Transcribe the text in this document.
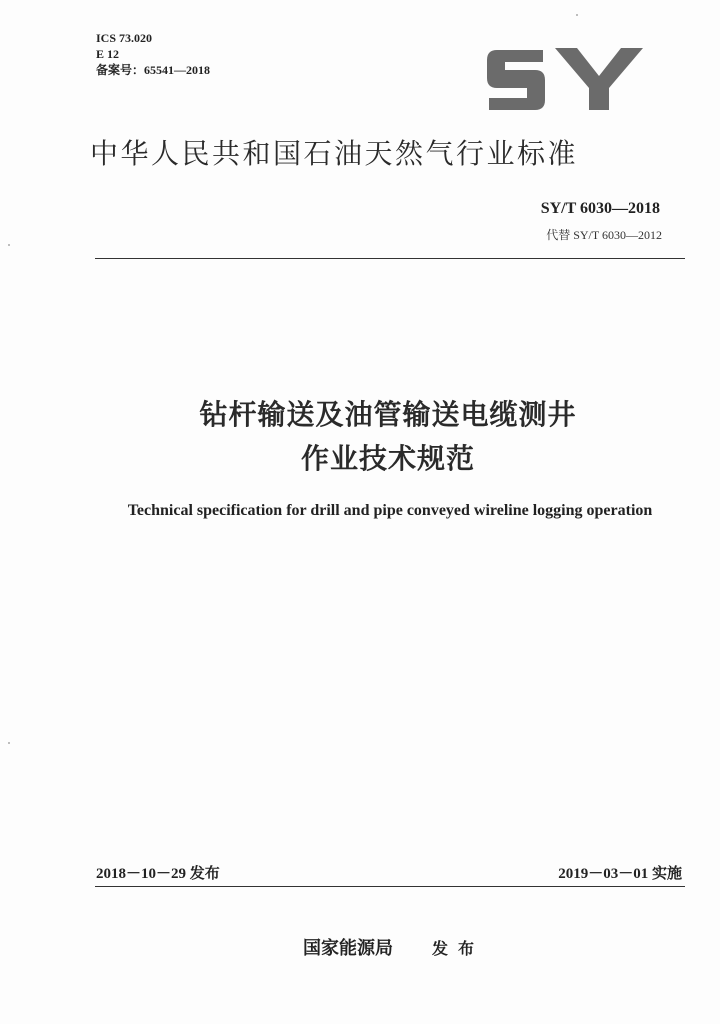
ICS 73.020
E 12
备案号：65541—2018
中华人民共和国石油天然气行业标准
SY/T 6030—2018
代替 SY/T 6030—2012
钻杆输送及油管输送电缆测井
作业技术规范
Technical specification for drill and pipe conveyed wireline logging operation
2018－10－29 发布	2019－03－01 实施
国家能源局 发布
